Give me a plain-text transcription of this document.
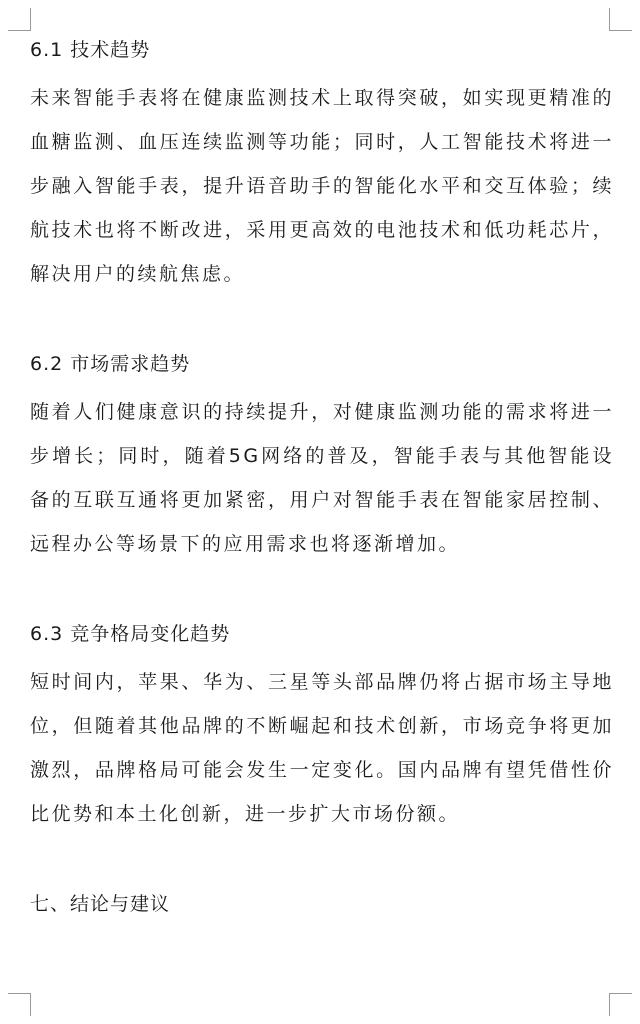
6.1 技术趋势

未来智能手表将在健康监测技术上取得突破，如实现更精准的血糖监测、血压连续监测等功能；同时，人工智能技术将进一步融入智能手表，提升语音助手的智能化水平和交互体验；续航技术也将不断改进，采用更高效的电池技术和低功耗芯片，解决用户的续航焦虑。

6.2 市场需求趋势

随着人们健康意识的持续提升，对健康监测功能的需求将进一步增长；同时，随着5G网络的普及，智能手表与其他智能设备的互联互通将更加紧密，用户对智能手表在智能家居控制、远程办公等场景下的应用需求也将逐渐增加。

6.3 竞争格局变化趋势

短时间内，苹果、华为、三星等头部品牌仍将占据市场主导地位，但随着其他品牌的不断崛起和技术创新，市场竞争将更加激烈，品牌格局可能会发生一定变化。国内品牌有望凭借性价比优势和本土化创新，进一步扩大市场份额。

七、结论与建议
